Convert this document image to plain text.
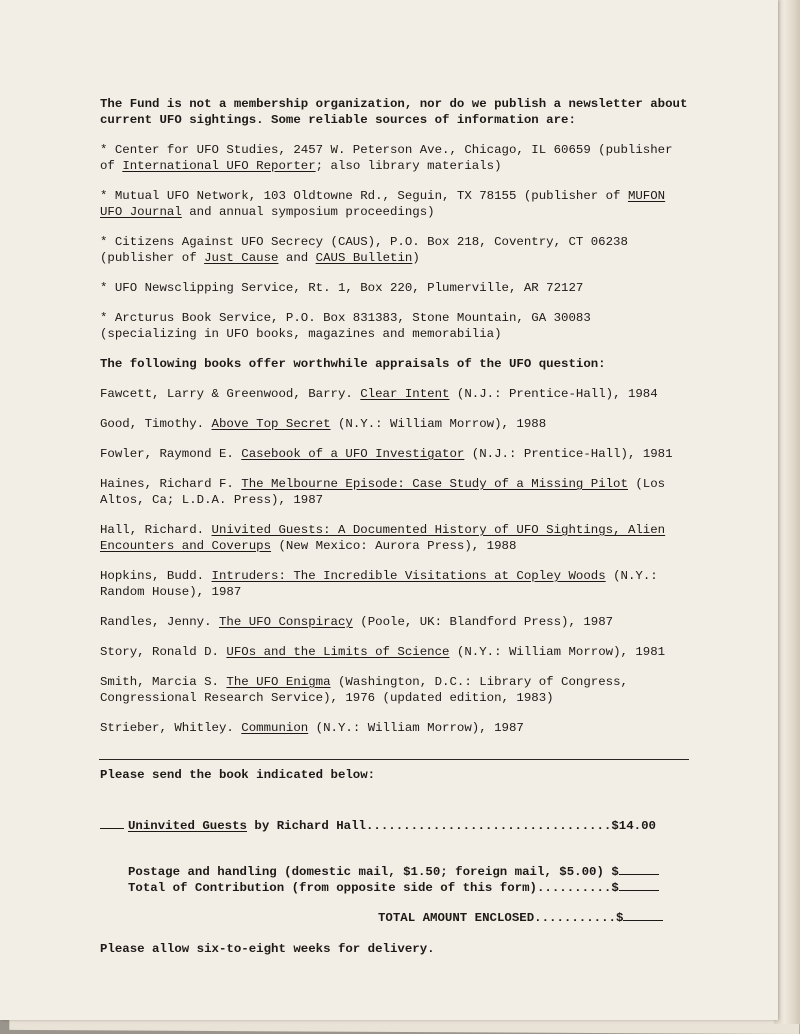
The Fund is not a membership organization, nor do we publish a newsletter about current UFO sightings. Some reliable sources of information are:

* Center for UFO Studies, 2457 W. Peterson Ave., Chicago, IL 60659 (publisher of International UFO Reporter; also library materials)

* Mutual UFO Network, 103 Oldtowne Rd., Seguin, TX 78155 (publisher of MUFON UFO Journal and annual symposium proceedings)

* Citizens Against UFO Secrecy (CAUS), P.O. Box 218, Coventry, CT 06238 (publisher of Just Cause and CAUS Bulletin)

* UFO Newsclipping Service, Rt. 1, Box 220, Plumerville, AR 72127

* Arcturus Book Service, P.O. Box 831383, Stone Mountain, GA 30083 (specializing in UFO books, magazines and memorabilia)

The following books offer worthwhile appraisals of the UFO question:

Fawcett, Larry & Greenwood, Barry. Clear Intent (N.J.: Prentice-Hall), 1984

Good, Timothy. Above Top Secret (N.Y.: William Morrow), 1988

Fowler, Raymond E. Casebook of a UFO Investigator (N.J.: Prentice-Hall), 1981

Haines, Richard F. The Melbourne Episode: Case Study of a Missing Pilot (Los Altos, Ca; L.D.A. Press), 1987

Hall, Richard. Univited Guests: A Documented History of UFO Sightings, Alien Encounters and Coverups (New Mexico: Aurora Press), 1988

Hopkins, Budd. Intruders: The Incredible Visitations at Copley Woods (N.Y.: Random House), 1987

Randles, Jenny. The UFO Conspiracy (Poole, UK: Blandford Press), 1987

Story, Ronald D. UFOs and the Limits of Science (N.Y.: William Morrow), 1981

Smith, Marcia S. The UFO Enigma (Washington, D.C.: Library of Congress, Congressional Research Service), 1976 (updated edition, 1983)

Strieber, Whitley. Communion (N.Y.: William Morrow), 1987

Please send the book indicated below:
Uninvited Guests by Richard Hall.................................$14.00
Postage and handling (domestic mail, $1.50; foreign mail, $5.00) $
Total of Contribution (from opposite side of this form)..........$
TOTAL AMOUNT ENCLOSED...........$
Please allow six-to-eight weeks for delivery.
